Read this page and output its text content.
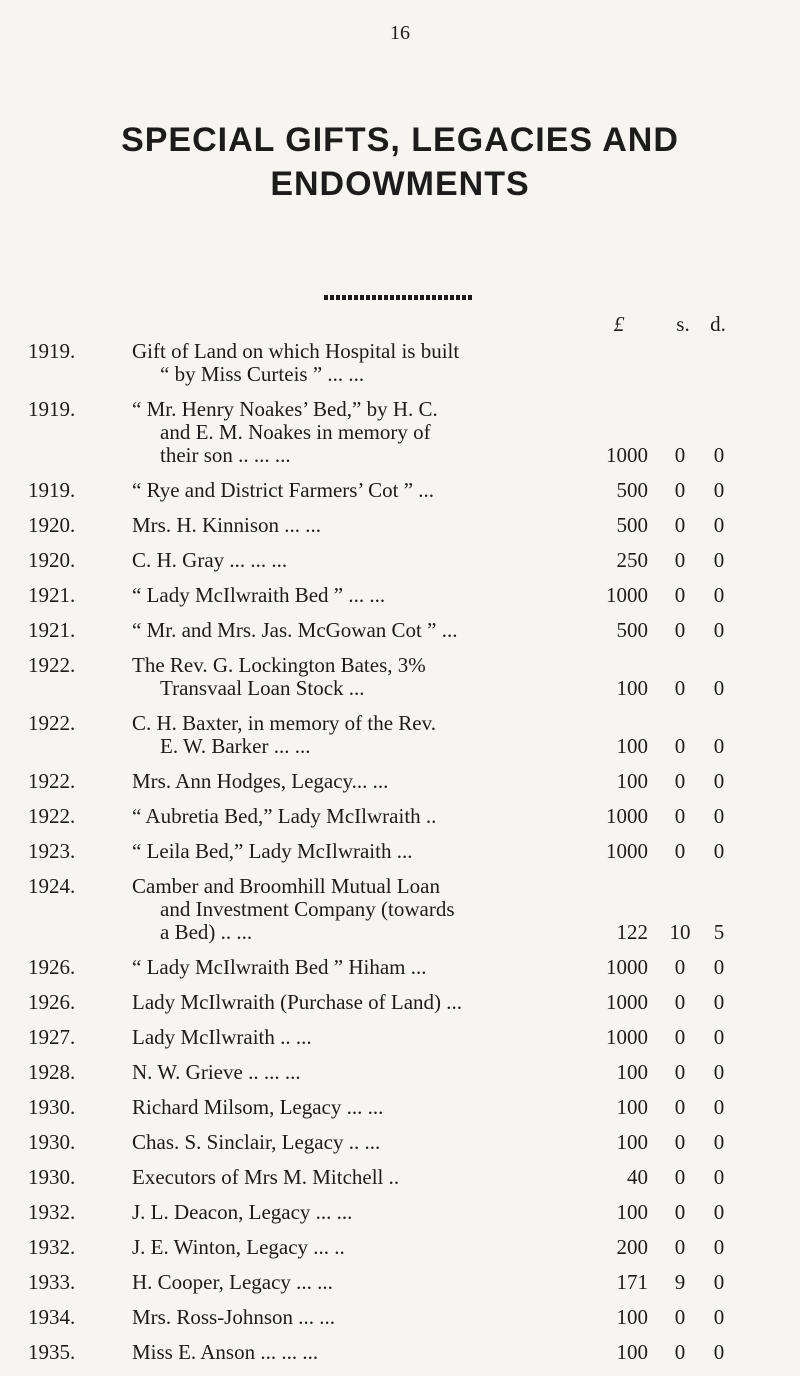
16
SPECIAL GIFTS, LEGACIES AND
ENDOWMENTS
£	s. d.
1919.	Gift of Land on which Hospital is built
“ by Miss Curteis ” ... ...
1919.	“ Mr. Henry Noakes’ Bed,” by H. C.
and E. M. Noakes in memory of
their son .. ... ...	1000	0	0
1919.	“ Rye and District Farmers’ Cot ” ...	500	0	0
1920.	Mrs. H. Kinnison ... ...	500	0	0
1920.	C. H. Gray ... ... ...	250	0	0
1921.	“ Lady McIlwraith Bed ” ... ...	1000	0	0
1921.	“ Mr. and Mrs. Jas. McGowan Cot ” ...	500	0	0
1922.	The Rev. G. Lockington Bates, 3%
Transvaal Loan Stock ...	100	0	0
1922.	C. H. Baxter, in memory of the Rev.
E. W. Barker ... ...	100	0	0
1922.	Mrs. Ann Hodges, Legacy... ...	100	0	0
1922.	“ Aubretia Bed,” Lady McIlwraith ..	1000	0	0
1923.	“ Leila Bed,” Lady McIlwraith ...	1000	0	0
1924.	Camber and Broomhill Mutual Loan
and Investment Company (towards
a Bed) .. ...	122	10	5
1926.	“ Lady McIlwraith Bed ” Hiham ...	1000	0	0
1926.	Lady McIlwraith (Purchase of Land) ...	1000	0	0
1927.	Lady McIlwraith .. ...	1000	0	0
1928.	N. W. Grieve .. ... ...	100	0	0
1930.	Richard Milsom, Legacy ... ...	100	0	0
1930.	Chas. S. Sinclair, Legacy .. ...	100	0	0
1930.	Executors of Mrs M. Mitchell ..	40	0	0
1932.	J. L. Deacon, Legacy ... ...	100	0	0
1932.	J. E. Winton, Legacy ... ..	200	0	0
1933.	H. Cooper, Legacy ... ...	171	9	0
1934.	Mrs. Ross-Johnson ... ...	100	0	0
1935.	Miss E. Anson ... ... ...	100	0	0
